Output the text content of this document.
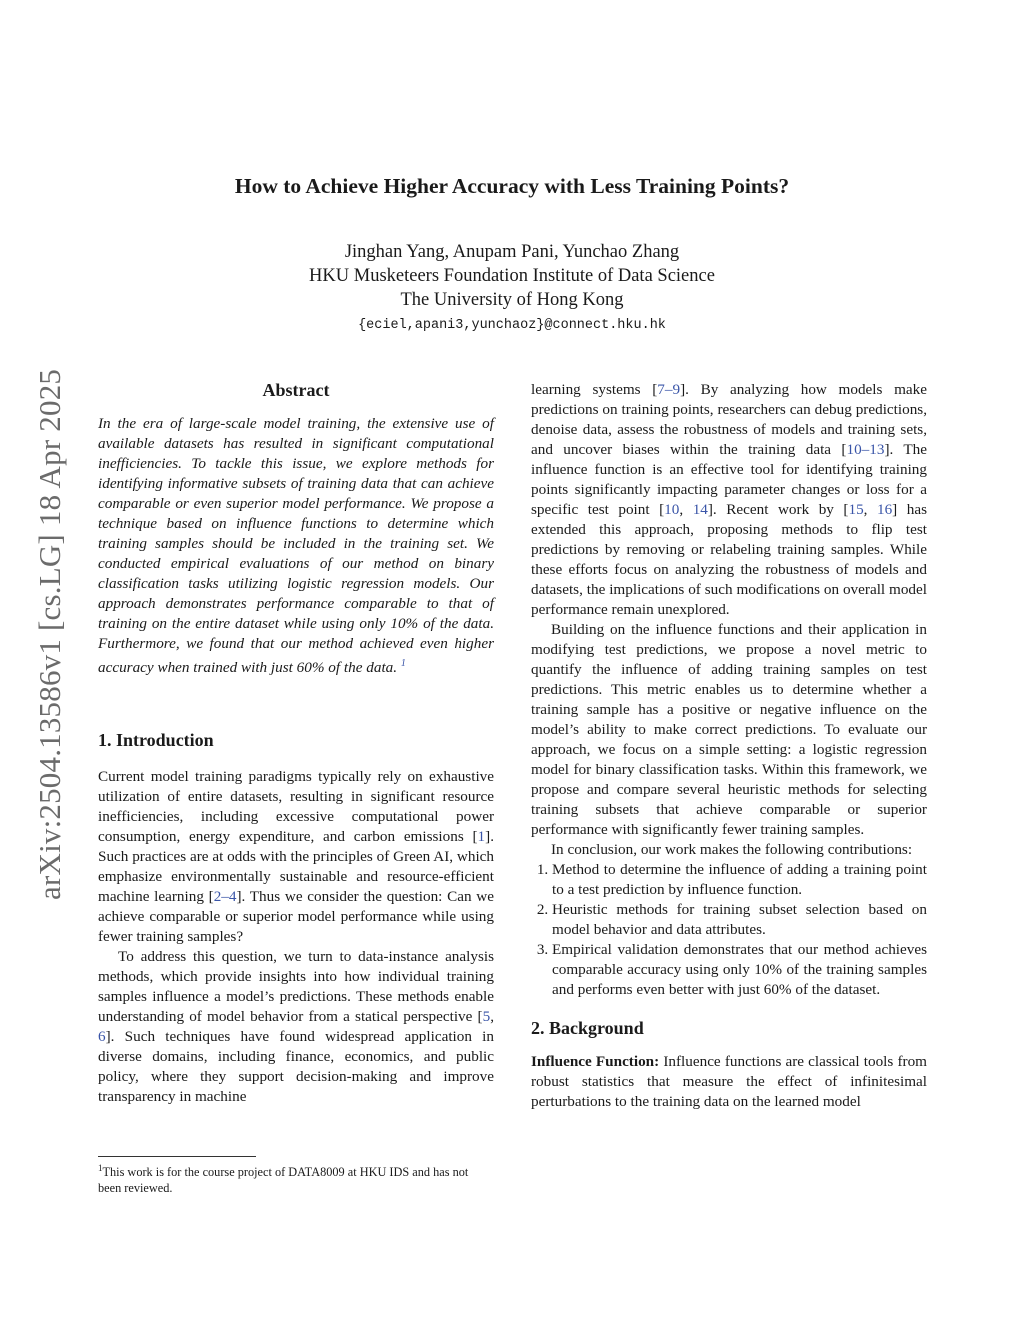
arXiv:2504.13586v1 [cs.LG] 18 Apr 2025
How to Achieve Higher Accuracy with Less Training Points?
Jinghan Yang, Anupam Pani, Yunchao Zhang
HKU Musketeers Foundation Institute of Data Science
The University of Hong Kong
{eciel,apani3,yunchaoz}@connect.hku.hk
Abstract

In the era of large-scale model training, the extensive use of available datasets has resulted in significant computational inefficiencies. To tackle this issue, we explore methods for identifying informative subsets of training data that can achieve comparable or even superior model performance. We propose a technique based on influence functions to determine which training samples should be included in the training set. We conducted empirical evaluations of our method on binary classification tasks utilizing logistic regression models. Our approach demonstrates performance comparable to that of training on the entire dataset while using only 10% of the data. Furthermore, we found that our method achieved even higher accuracy when trained with just 60% of the data. $^1$

1. Introduction

Current model training paradigms typically rely on exhaustive utilization of entire datasets, resulting in significant resource inefficiencies, including excessive computational power consumption, energy expenditure, and carbon emissions [1]. Such practices are at odds with the principles of Green AI, which emphasize environmentally sustainable and resource-efficient machine learning [2–4]. Thus we consider the question: Can we achieve comparable or superior model performance while using fewer training samples?

To address this question, we turn to data-instance analysis methods, which provide insights into how individual training samples influence a model’s predictions. These methods enable understanding of model behavior from a statical perspective [5, 6]. Such techniques have found widespread application in diverse domains, including finance, economics, and public policy, where they support decision-making and improve transparency in machine

$^1$This work is for the course project of DATA8009 at HKU IDS and has not been reviewed.

learning systems [7–9]. By analyzing how models make predictions on training points, researchers can debug predictions, denoise data, assess the robustness of models and training sets, and uncover biases within the training data [10–13]. The influence function is an effective tool for identifying training points significantly impacting parameter changes or loss for a specific test point [10, 14]. Recent work by [15, 16] has extended this approach, proposing methods to flip test predictions by removing or relabeling training samples. While these efforts focus on analyzing the robustness of models and datasets, the implications of such modifications on overall model performance remain unexplored.

Building on the influence functions and their application in modifying test predictions, we propose a novel metric to quantify the influence of adding training samples on test predictions. This metric enables us to determine whether a training sample has a positive or negative influence on the model’s ability to make correct predictions. To evaluate our approach, we focus on a simple setting: a logistic regression model for binary classification tasks. Within this framework, we propose and compare several heuristic methods for selecting training subsets that achieve comparable or superior performance with significantly fewer training samples.

In conclusion, our work makes the following contributions:

1. Method to determine the influence of adding a training point to a test prediction by influence function.
2. Heuristic methods for training subset selection based on model behavior and data attributes.
3. Empirical validation demonstrates that our method achieves comparable accuracy using only 10% of the training samples and performs even better with just 60% of the dataset.
2. Background

Influence Function: Influence functions are classical tools from robust statistics that measure the effect of infinitesimal perturbations to the training data on the learned model
